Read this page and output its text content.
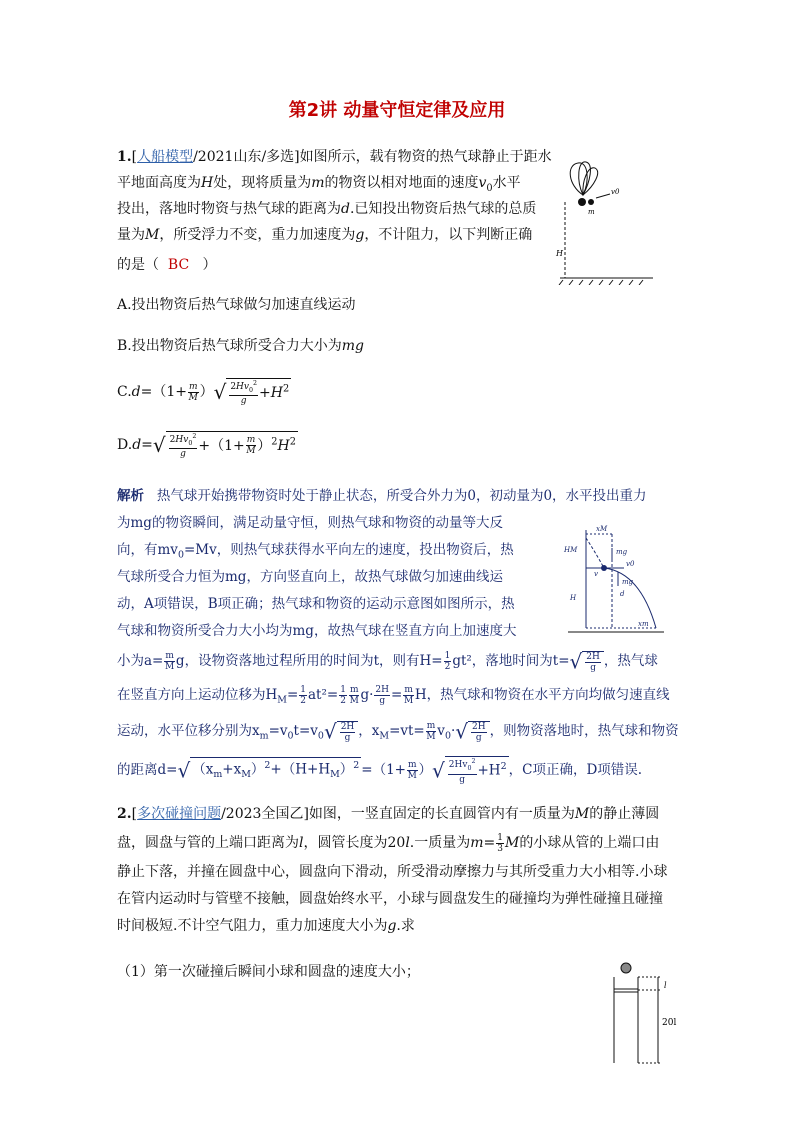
第2讲 动量守恒定律及应用
1.[人船模型/2021山东/多选]如图所示，载有物资的热气球静止于距水
平地面高度为H处，现将质量为m的物资以相对地面的速度$v_0$水平
投出，落地时物资与热气球的距离为d.已知投出物资后热气球的总质
量为M，所受浮力不变，重力加速度为g，不计阻力，以下判断正确
的是（ BC ）
A.投出物资后热气球做匀加速直线运动
B.投出物资后热气球所受合力大小为mg
$C.d=(1+ \frac{m}{M}$ ）√ $\frac{2Hv_0^2}{g} +H^2$
$D.d=√ \frac{2Hv_0^2}{g} +(1+ \frac{m}{M} )^2H^2$
v0
m
H
解析 热气球开始携带物资时处于静止状态，所受合外力为0，初动量为0，水平投出重力
为mg的物资瞬间，满足动量守恒，则热气球和物资的动量等大反
向，有$mv_0=Mv$，则热气球获得水平向左的速度，投出物资后，热
气球所受合力恒为mg，方向竖直向上，故热气球做匀加速曲线运
动，A项错误，B项正确；热气球和物资的运动示意图如图所示，热
气球和物资所受合力大小均为mg，故热气球在竖直方向上加速度大
小为$a= \frac{m}{M}$ g，设物资落地过程所用的时间为t，则有$H= \frac{1}{2} gt^2$，落地时间为$t=√ \frac{2H}{g}$ ，热气球
在竖直方向上运动位移为$H_M= \frac{1}{2} at^2= \frac{1}{2} \frac{m}{M} g\cdot \frac{2H}{g} = \frac{m}{M}$ H，热气球和物资在水平方向均做匀速直线
运动，水平位移分别为$x_m=v_0t=v_0√ \frac{2H}{g}$ ，$x_M=vt= \frac{m}{M} v_0\cdot√ \frac{2H}{g}$ ，则物资落地时，热气球和物资
的距离d=√ $(x_m+x_M)^2+(H+H_M)^2 =(1+ \frac{m}{M}$ ）√ $\frac{2Hv_0^2}{g} +H^2$ ，C项正确，D项错误.
xM
HM	mg
v
v0
mg
d
xm
H
2.[多次碰撞问题/2023全国乙]如图，一竖直固定的长直圆管内有一质量为M的静止薄圆
盘，圆盘与管的上端口距离为l，圆管长度为20l.一质量为$m= \frac{1}{3}$ M的小球从管的上端口由
静止下落，并撞在圆盘中心，圆盘向下滑动，所受滑动摩擦力与其所受重力大小相等.小球
在管内运动时与管壁不接触，圆盘始终水平，小球与圆盘发生的碰撞均为弹性碰撞且碰撞
时间极短.不计空气阻力，重力加速度大小为g.求
（1）第一次碰撞后瞬间小球和圆盘的速度大小；
l
20l
